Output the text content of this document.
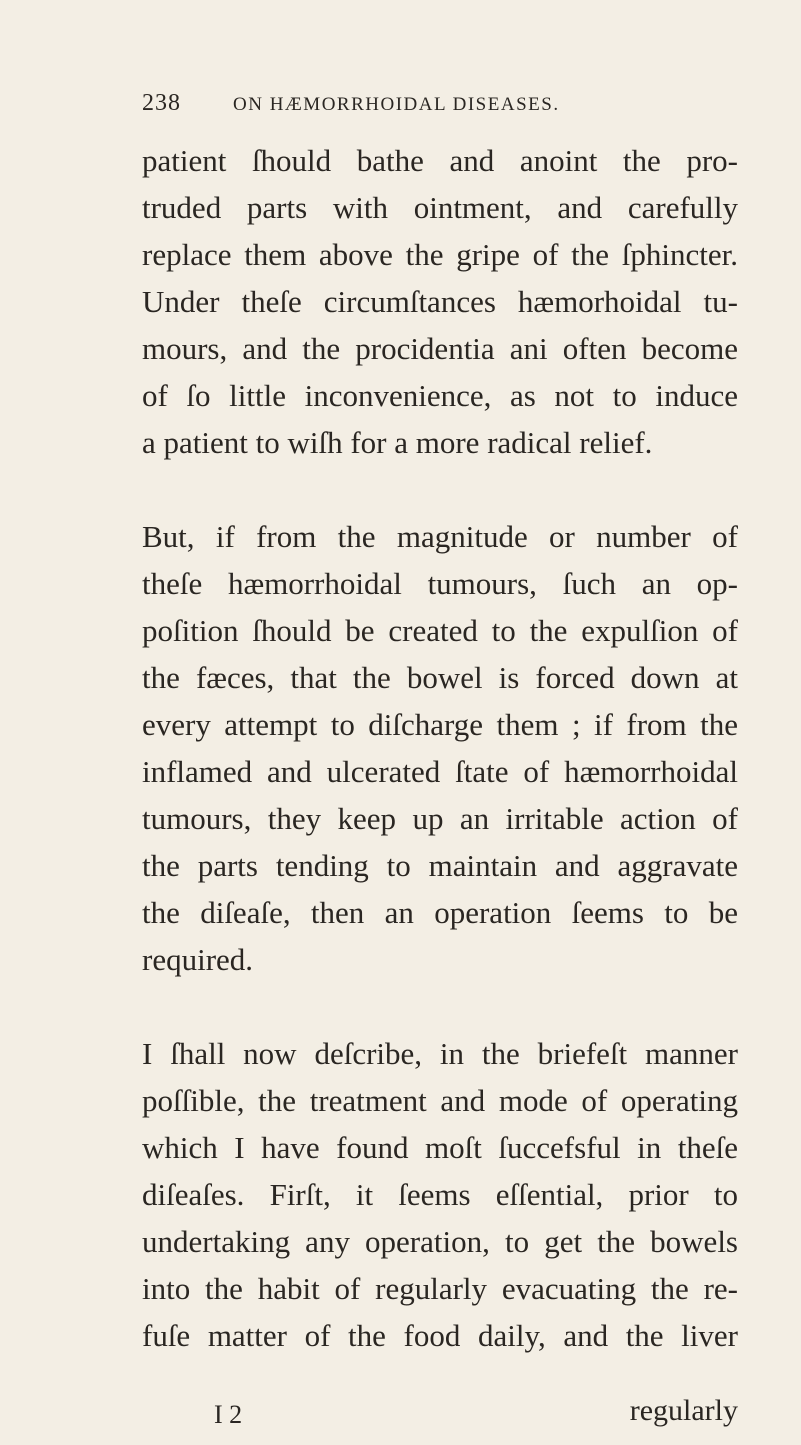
238	ON HÆMORRHOIDAL DISEASES.
patient ſhould bathe and anoint the pro-
truded parts with ointment, and carefully
replace them above the gripe of the ſphincter.
Under theſe circumſtances hæmorhoidal tu-
mours, and the procidentia ani often become
of ſo little inconvenience, as not to induce
a patient to wiſh for a more radical relief.
But, if from the magnitude or number of
theſe hæmorrhoidal tumours, ſuch an op-
poſition ſhould be created to the expulſion of
the fæces, that the bowel is forced down at
every attempt to diſcharge them ; if from the
inflamed and ulcerated ſtate of hæmorrhoidal
tumours, they keep up an irritable action of
the parts tending to maintain and aggravate
the diſeaſe, then an operation ſeems to be
required.
I ſhall now deſcribe, in the briefeſt manner
poſſible, the treatment and mode of operating
which I have found moſt ſuccefsful in theſe
diſeaſes. Firſt, it ſeems eſſential, prior to
undertaking any operation, to get the bowels
into the habit of regularly evacuating the re-
fuſe matter of the food daily, and the liver
I 2	regularly
